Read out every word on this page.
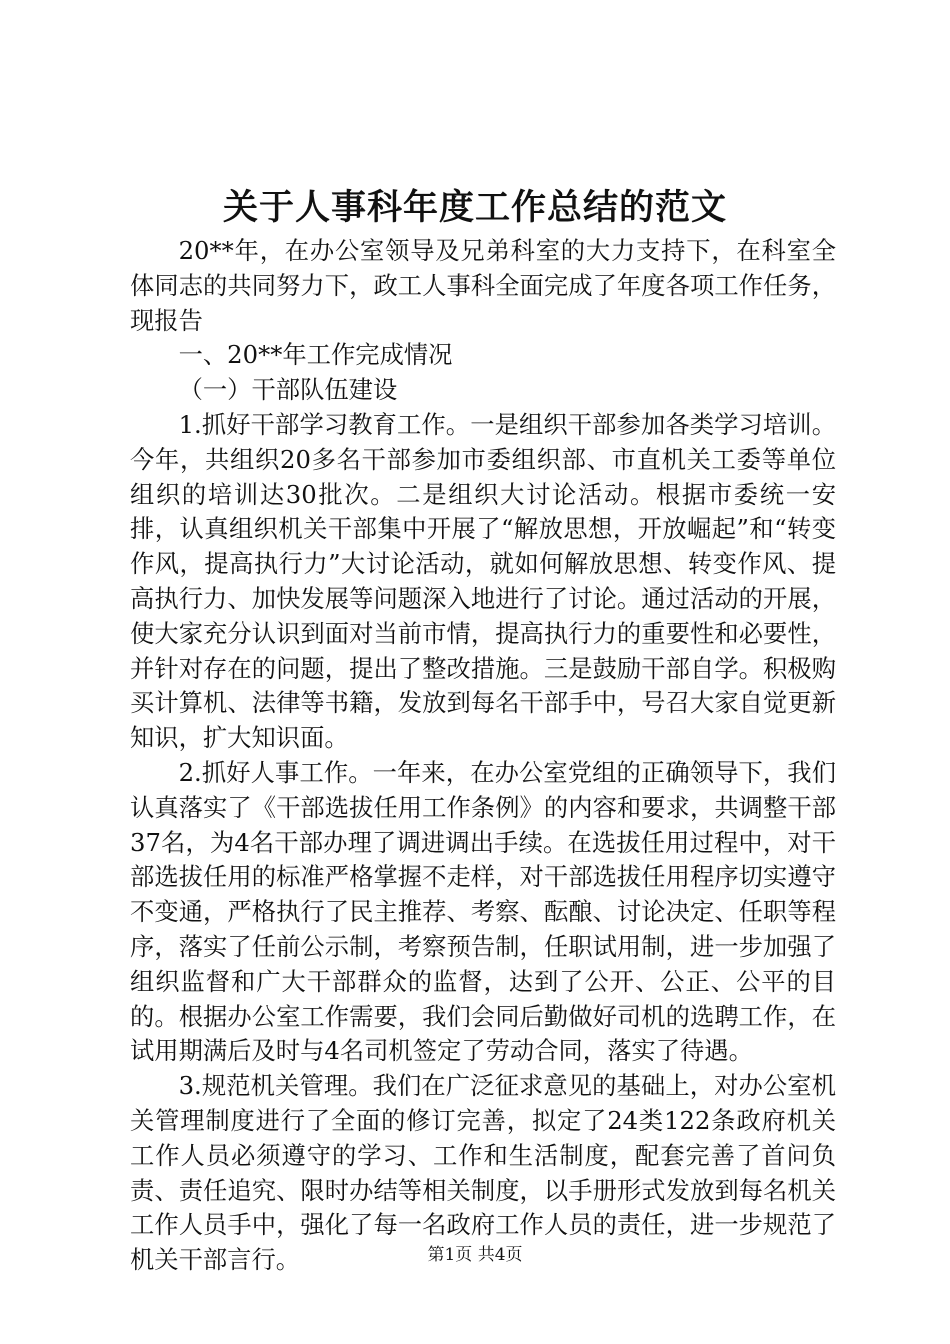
关于人事科年度工作总结的范文

20**年，在办公室领导及兄弟科室的大力支持下，在科室全体同志的共同努力下，政工人事科全面完成了年度各项工作任务，现报告

一、20**年工作完成情况

（一）干部队伍建设

1.抓好干部学习教育工作。一是组织干部参加各类学习培训。今年，共组织20多名干部参加市委组织部、市直机关工委等单位组织的培训达30批次。二是组织大讨论活动。根据市委统一安排，认真组织机关干部集中开展了“解放思想，开放崛起”和“转变作风，提高执行力”大讨论活动，就如何解放思想、转变作风、提高执行力、加快发展等问题深入地进行了讨论。通过活动的开展，使大家充分认识到面对当前市情，提高执行力的重要性和必要性，并针对存在的问题，提出了整改措施。三是鼓励干部自学。积极购买计算机、法律等书籍，发放到每名干部手中，号召大家自觉更新知识，扩大知识面。

2.抓好人事工作。一年来，在办公室党组的正确领导下，我们认真落实了《干部选拔任用工作条例》的内容和要求，共调整干部37名，为4名干部办理了调进调出手续。在选拔任用过程中，对干部选拔任用的标准严格掌握不走样，对干部选拔任用程序切实遵守不变通，严格执行了民主推荐、考察、酝酿、讨论决定、任职等程序，落实了任前公示制，考察预告制，任职试用制，进一步加强了组织监督和广大干部群众的监督，达到了公开、公正、公平的目的。根据办公室工作需要，我们会同后勤做好司机的选聘工作，在试用期满后及时与4名司机签定了劳动合同，落实了待遇。

3.规范机关管理。我们在广泛征求意见的基础上，对办公室机关管理制度进行了全面的修订完善，拟定了24类122条政府机关工作人员必须遵守的学习、工作和生活制度，配套完善了首问负责、责任追究、限时办结等相关制度，以手册形式发放到每名机关工作人员手中，强化了每一名政府工作人员的责任，进一步规范了机关干部言行。	第1页 共4页
